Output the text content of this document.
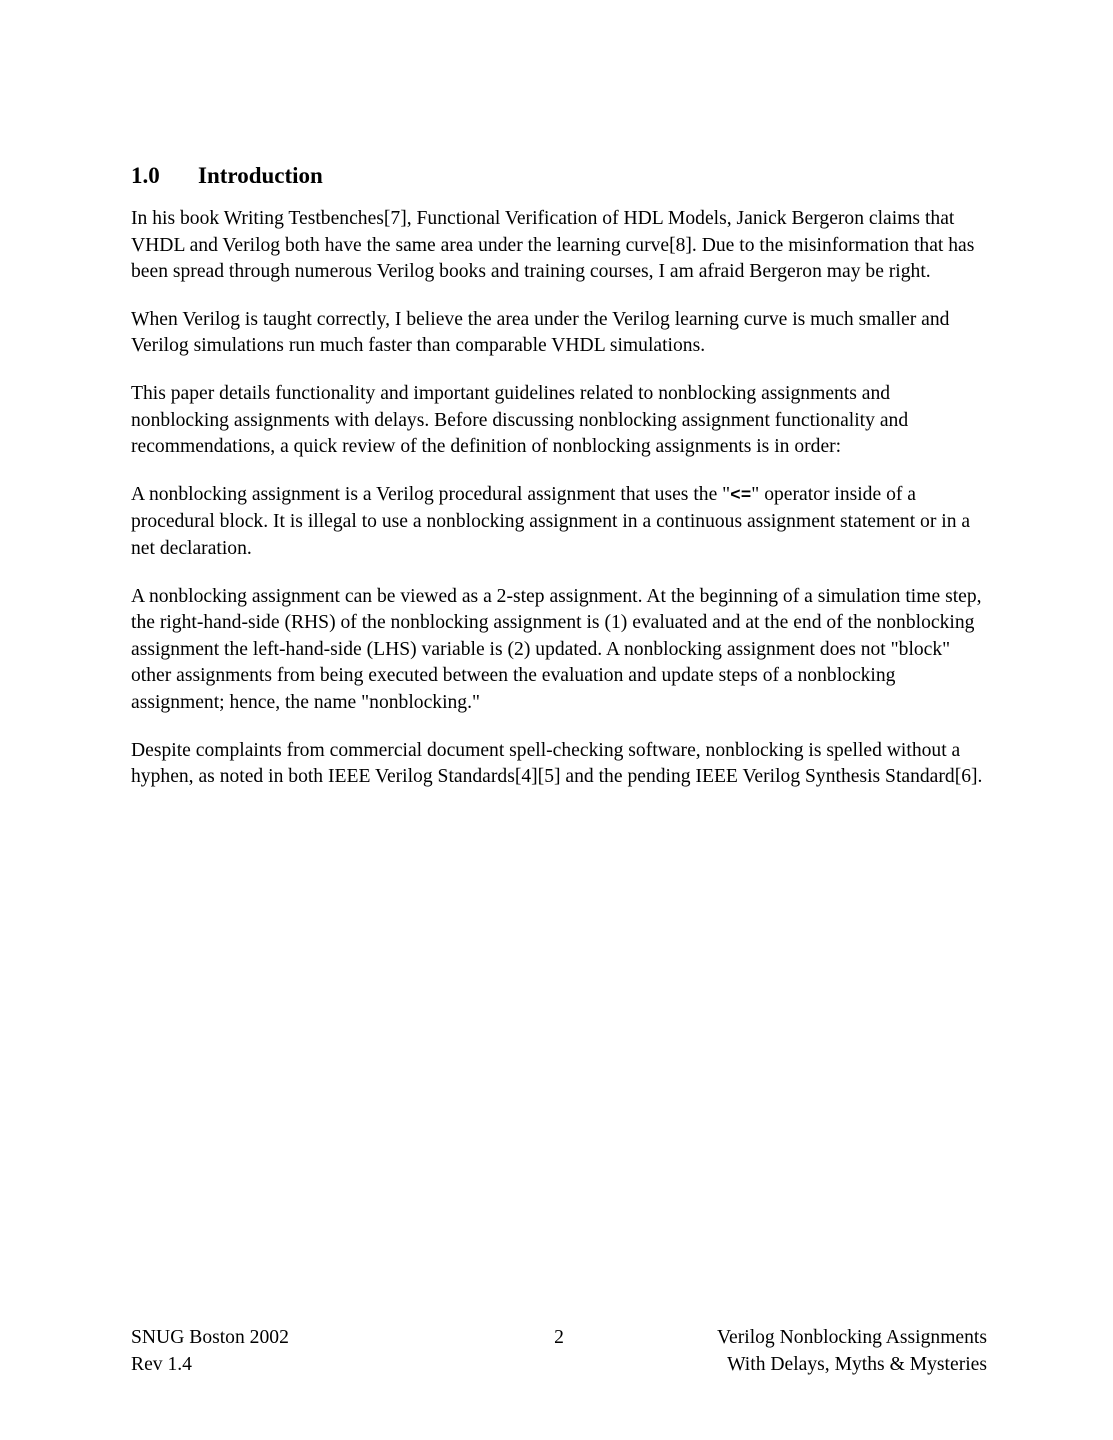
1.0 Introduction

In his book Writing Testbenches[7], Functional Verification of HDL Models, Janick Bergeron claims that VHDL and Verilog both have the same area under the learning curve[8]. Due to the misinformation that has been spread through numerous Verilog books and training courses, I am afraid Bergeron may be right.

When Verilog is taught correctly, I believe the area under the Verilog learning curve is much smaller and Verilog simulations run much faster than comparable VHDL simulations.

This paper details functionality and important guidelines related to nonblocking assignments and nonblocking assignments with delays. Before discussing nonblocking assignment functionality and recommendations, a quick review of the definition of nonblocking assignments is in order:

A nonblocking assignment is a Verilog procedural assignment that uses the "<=" operator inside of a procedural block. It is illegal to use a nonblocking assignment in a continuous assignment statement or in a net declaration.

A nonblocking assignment can be viewed as a 2-step assignment. At the beginning of a simulation time step, the right-hand-side (RHS) of the nonblocking assignment is (1) evaluated and at the end of the nonblocking assignment the left-hand-side (LHS) variable is (2) updated. A nonblocking assignment does not "block" other assignments from being executed between the evaluation and update steps of a nonblocking assignment; hence, the name "nonblocking."

Despite complaints from commercial document spell-checking software, nonblocking is spelled without a hyphen, as noted in both IEEE Verilog Standards[4][5] and the pending IEEE Verilog Synthesis Standard[6].

SNUG Boston 2002
Rev 1.4
2	Verilog Nonblocking Assignments
With Delays, Myths & Mysteries
